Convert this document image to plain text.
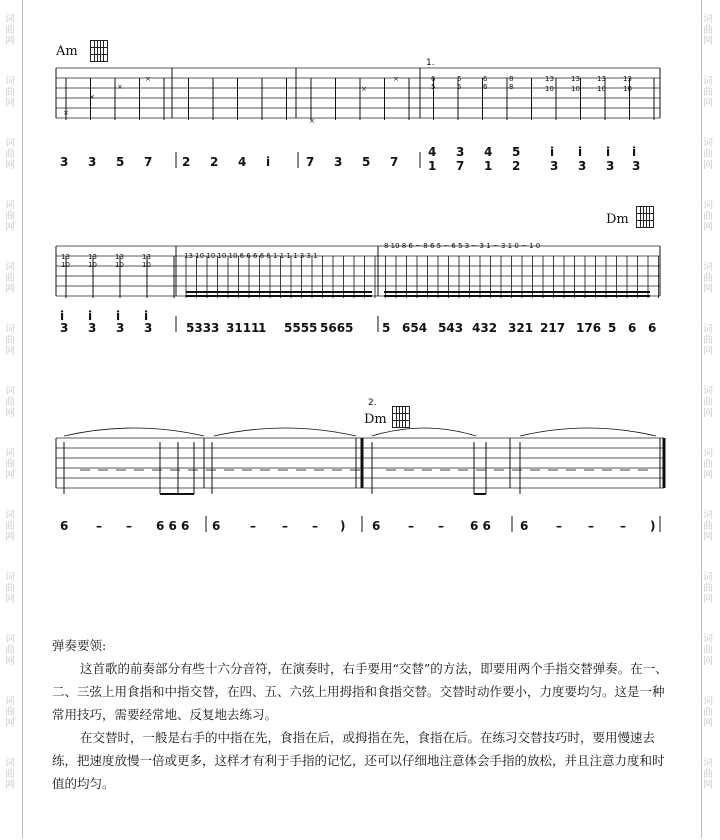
词
曲
网
词
曲
网
词
曲
网
词
曲
网
词
曲
网
词
曲
网
词
曲
网
词
曲
网
词
曲
网
词
曲
网
词
曲
网
词
曲
网
词
曲
网
词
曲
网
词
曲
网
词
曲
网
词
曲
网
词
曲
网
词
曲
网
词
曲
网
词
曲
网
词
曲
网
词
曲
网
词
曲
网
词
曲
网
词
曲
网
Am
Dm
Dm
1.
2.
×
×
×
×
×
×
×	6	5	6	8
5	5	6	8
13 13 13 13
10 10 10 10
13
10
13
10
13
10
13
10
13 10 10 10 10 6 6 6 6 6 1 1 1 1 3 3 1
8 10 8 6 ~ 8 6 5 ~ 6 5 3 ~ 3 1 ~ 3 1 0 ~ 1 0
3 3 5 7 2 2 4 i	7 3 5 7
4 3 4 5
1 7 1 2
i i i i
3 3 3 3
i i i i
3 3 3 3	5333 3111
1 5555 5665 5 654 543 432 321 217 176 5 6 6
6 – – 6 6 6 6 – – – ) 6 – – 6 6 6 – – – )

弹奏要领:

这首歌的前奏部分有些十六分音符，在演奏时，右手要用“交替”的方法，即要用两个手指交替弹奏。在一、二、三弦上用食指和中指交替，在四、五、六弦上用拇指和食指交替。交替时动作要小，力度要均匀。这是一种常用技巧，需要经常地、反复地去练习。

在交替时，一般是右手的中指在先，食指在后，或拇指在先，食指在后。在练习交替技巧时，要用慢速去练，把速度放慢一倍或更多，这样才有利于手指的记忆，还可以仔细地注意体会手指的放松，并且注意力度和时值的均匀。
